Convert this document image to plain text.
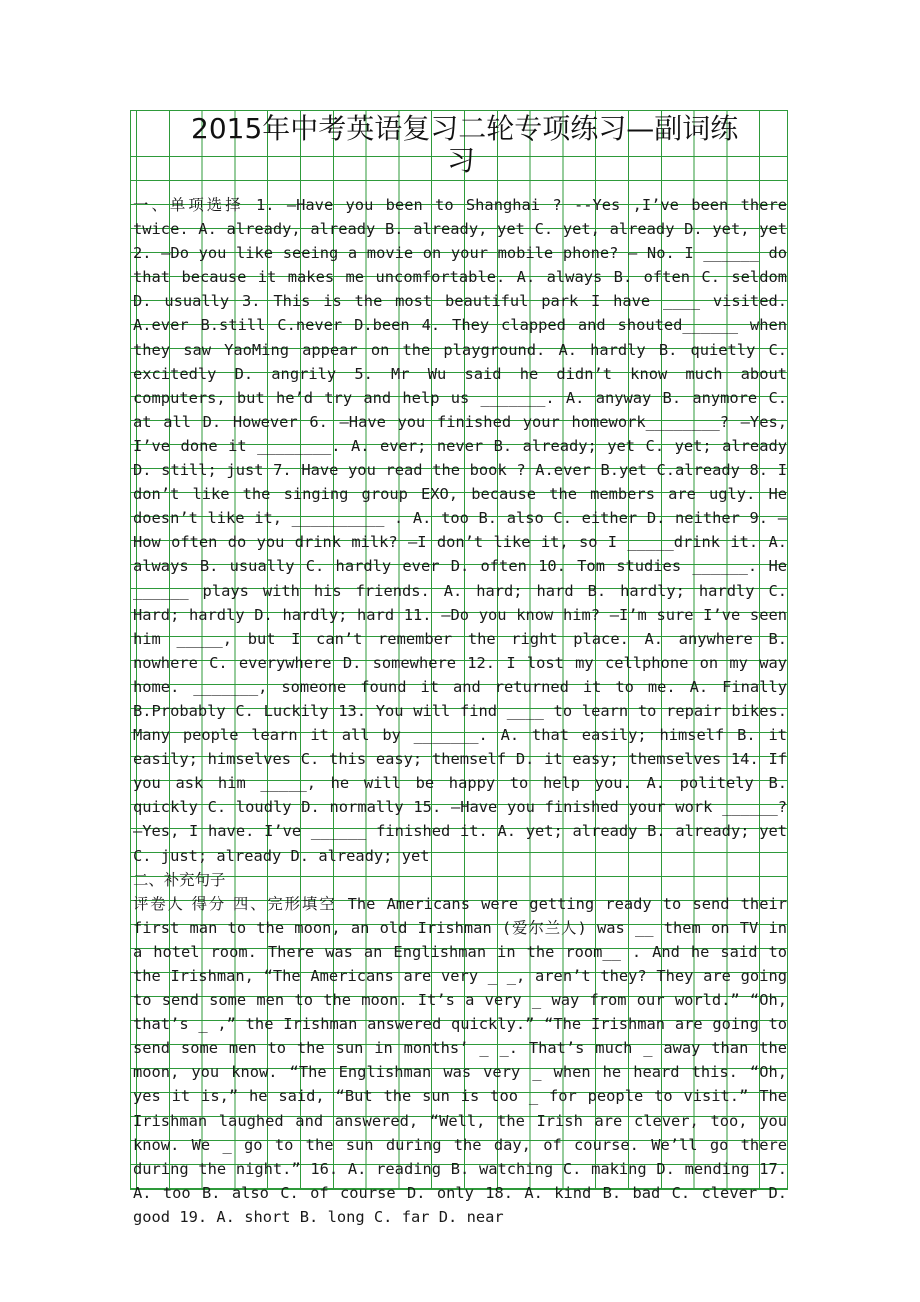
2015年中考英语复习二轮专项练习—副词练
习

一、单项选择 1. —Have you been to Shanghai ? --Yes ,I’ve been there twice. A. already, already B. already, yet C. yet, already D. yet, yet 2. —Do you like seeing a movie on your mobile phone? — No. I ______ do that because it makes me uncomfortable. A. always B. often C. seldom D. usually 3. This is the most beautiful park I have ____ visited. A.ever B.still C.never D.been 4. They clapped and shouted______ when they saw YaoMing appear on the playground. A. hardly B. quietly C. excitedly D. angrily 5. Mr Wu said he didn’t know much about computers, but he’d try and help us _______. A. anyway B. anymore C. at all D. However 6. —Have you finished your homework________? —Yes, I’ve done it ________. A. ever; never B. already; yet C. yet; already D. still; just 7. Have you read the book ? A.ever B.yet C.already 8. I don’t like the singing group EXO, because the members are ugly. He doesn’t like it, __________ . A. too B. also C. either D. neither 9. —How often do you drink milk? —I don’t like it, so I _____drink it. A. always B. usually C. hardly ever D. often 10. Tom studies ______. He ______ plays with his friends. A. hard; hard B. hardly; hardly C. Hard; hardly D. hardly; hard 11. —Do you know him? —I’m sure I’ve seen him _____, but I can’t remember the right place. A. anywhere B. nowhere C. everywhere D. somewhere 12. I lost my cellphone on my way home. _______, someone found it and returned it to me. A. Finally B.Probably C. Luckily 13. You will find ____ to learn to repair bikes. Many people learn it all by _______. A. that easily; himself B. it easily; himselves C. this easy; themself D. it easy; themselves 14. If you ask him _____, he will be happy to help you. A. politely B. quickly C. loudly D. normally 15. —Have you finished your work ______? —Yes, I have. I’ve ______ finished it. A. yet; already B. already; yet C. just; already D. already; yet

二、补充句子

评卷人 得分 四、完形填空 The Americans were getting ready to send their first man to the moon, an old Irishman (爱尔兰人) was __ them on TV in a hotel room. There was an Englishman in the room__ . And he said to the Irishman, “The Americans are very _ _, aren’t they? They are going to send some men to the moon. It’s a very _ way from our world.” “Oh, that’s _ ,” the Irishman answered quickly.” “The Irishman are going to send some men to the sun in months’ _ _. That’s much _ away than the moon, you know. “The Englishman was very _ when he heard this. “Oh, yes it is,” he said, “But the sun is too _ for people to visit.” The Irishman laughed and answered, “Well, the Irish are clever, too, you know. We _ go to the sun during the day, of course. We’ll go there during the night.” 16. A. reading B. watching C. making D. mending 17. A. too B. also C. of course D. only 18. A. kind B. bad C. clever D. good 19. A. short B. long C. far D. near
